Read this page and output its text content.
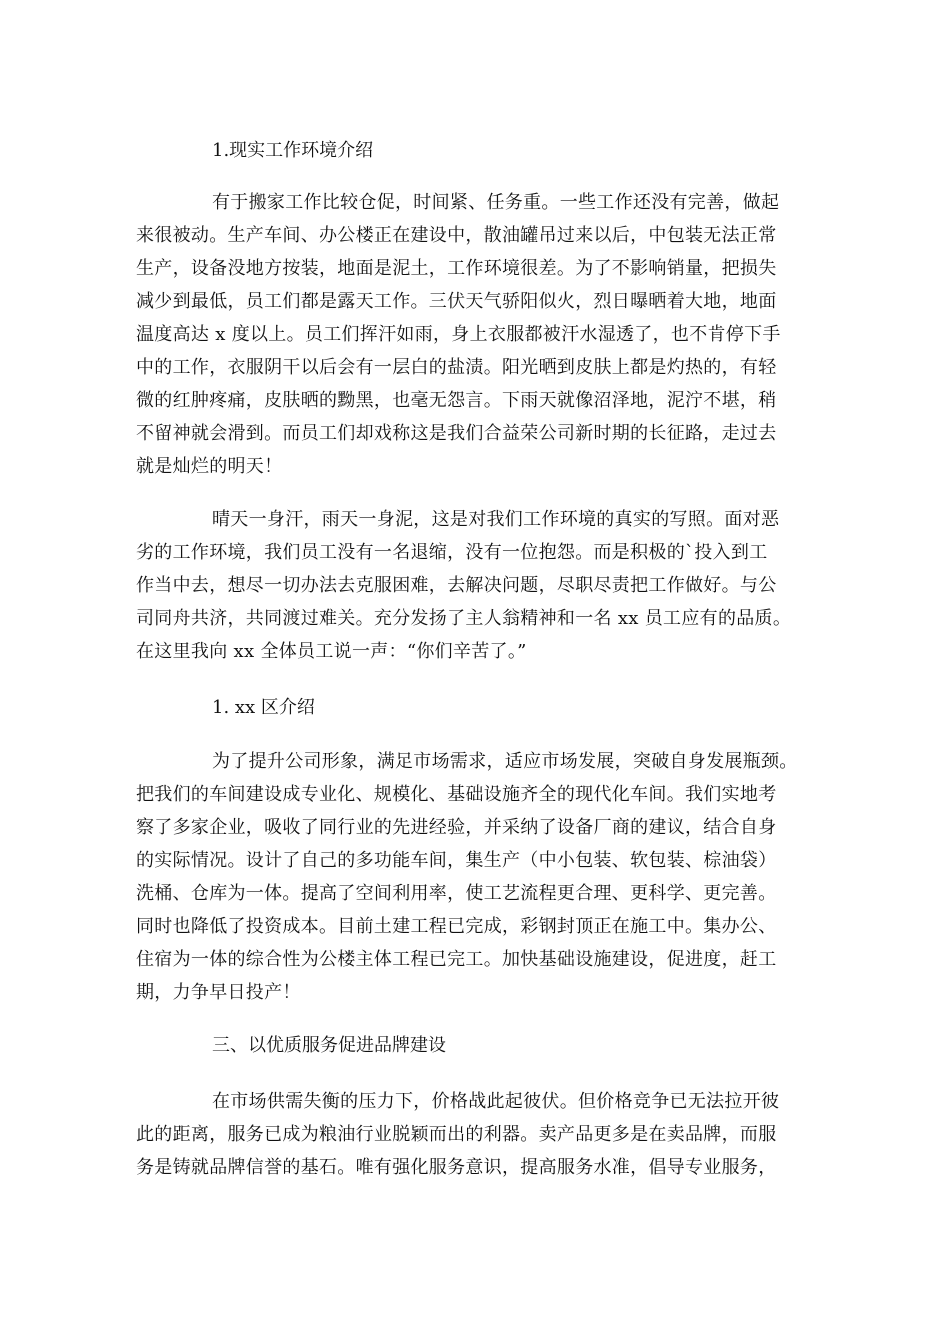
1.现实工作环境介绍
有于搬家工作比较仓促，时间紧、任务重。一些工作还没有完善，做起
来很被动。生产车间、办公楼正在建设中，散油罐吊过来以后，中包装无法正常
生产，设备没地方按装，地面是泥土，工作环境很差。为了不影响销量，把损失
减少到最低，员工们都是露天工作。三伏天气骄阳似火，烈日曝晒着大地，地面
温度高达 x 度以上。员工们挥汗如雨，身上衣服都被汗水湿透了，也不肯停下手
中的工作，衣服阴干以后会有一层白的盐渍。阳光晒到皮肤上都是灼热的，有轻
微的红肿疼痛，皮肤晒的黝黑，也毫无怨言。下雨天就像沼泽地，泥泞不堪，稍
不留神就会滑到。而员工们却戏称这是我们合益荣公司新时期的长征路，走过去
就是灿烂的明天！
晴天一身汗，雨天一身泥，这是对我们工作环境的真实的写照。面对恶
劣的工作环境，我们员工没有一名退缩，没有一位抱怨。而是积极的`投入到工
作当中去，想尽一切办法去克服困难，去解决问题，尽职尽责把工作做好。与公
司同舟共济，共同渡过难关。充分发扬了主人翁精神和一名 xx 员工应有的品质。
在这里我向 xx 全体员工说一声：“你们辛苦了。”
1. xx 区介绍
为了提升公司形象，满足市场需求，适应市场发展，突破自身发展瓶颈。
把我们的车间建设成专业化、规模化、基础设施齐全的现代化车间。我们实地考
察了多家企业，吸收了同行业的先进经验，并采纳了设备厂商的建议，结合自身
的实际情况。设计了自己的多功能车间，集生产（中小包装、软包装、棕油袋）
洗桶、仓库为一体。提高了空间利用率，使工艺流程更合理、更科学、更完善。
同时也降低了投资成本。目前土建工程已完成，彩钢封顶正在施工中。集办公、
住宿为一体的综合性为公楼主体工程已完工。加快基础设施建设，促进度，赶工
期，力争早日投产！
三、以优质服务促进品牌建设
在市场供需失衡的压力下，价格战此起彼伏。但价格竞争已无法拉开彼
此的距离，服务已成为粮油行业脱颖而出的利器。卖产品更多是在卖品牌，而服
务是铸就品牌信誉的基石。唯有强化服务意识，提高服务水准，倡导专业服务，
